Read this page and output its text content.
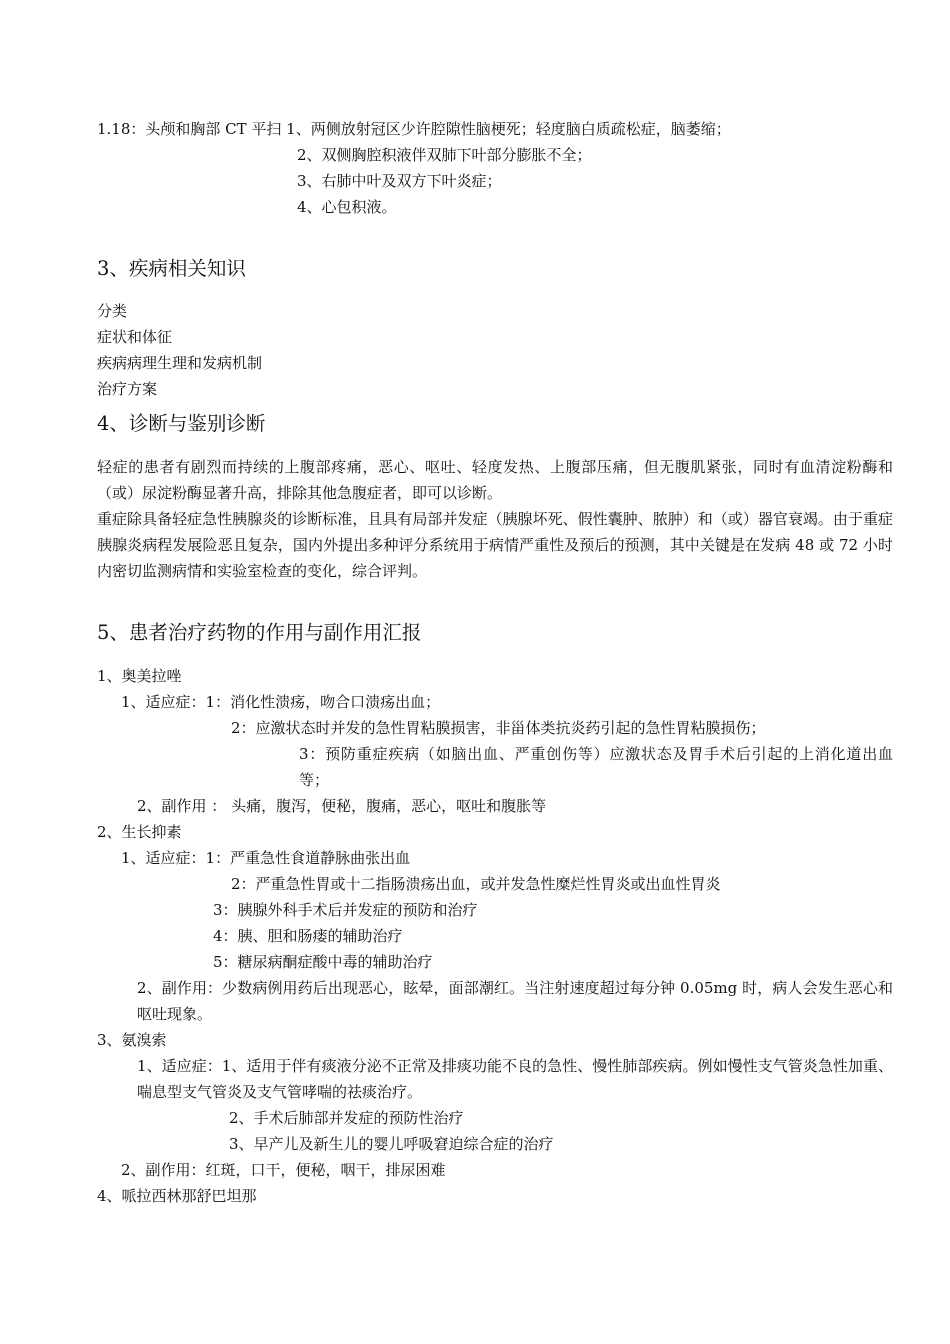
1.18：头颅和胸部 CT 平扫 1、两侧放射冠区少许腔隙性脑梗死；轻度脑白质疏松症，脑萎缩；
2、双侧胸腔积液伴双肺下叶部分膨胀不全；
3、右肺中叶及双方下叶炎症；
4、心包积液。
3、疾病相关知识
分类
症状和体征
疾病病理生理和发病机制
治疗方案
4、诊断与鉴别诊断
轻症的患者有剧烈而持续的上腹部疼痛，恶心、呕吐、轻度发热、上腹部压痛，但无腹肌紧张，同时有血清淀粉酶和（或）尿淀粉酶显著升高，排除其他急腹症者，即可以诊断。
重症除具备轻症急性胰腺炎的诊断标准，且具有局部并发症（胰腺坏死、假性囊肿、脓肿）和（或）器官衰竭。由于重症胰腺炎病程发展险恶且复杂，国内外提出多种评分系统用于病情严重性及预后的预测，其中关键是在发病 48 或 72 小时内密切监测病情和实验室检查的变化，综合评判。
5、患者治疗药物的作用与副作用汇报
1、奥美拉唑
1、适应症：1：消化性溃疡，吻合口溃疡出血；
2：应激状态时并发的急性胃粘膜损害，非甾体类抗炎药引起的急性胃粘膜损伤；
3：预防重症疾病（如脑出血、严重创伤等）应激状态及胃手术后引起的上消化道出血等；
2、副作用 ： 头痛，腹泻，便秘，腹痛，恶心，呕吐和腹胀等
2、生长抑素
1、适应症：1：严重急性食道静脉曲张出血
2：严重急性胃或十二指肠溃疡出血，或并发急性糜烂性胃炎或出血性胃炎
3：胰腺外科手术后并发症的预防和治疗
4：胰、胆和肠瘘的辅助治疗
5：糖尿病酮症酸中毒的辅助治疗
2、副作用：少数病例用药后出现恶心，眩晕，面部潮红。当注射速度超过每分钟 0.05mg 时，病人会发生恶心和呕吐现象。
3、氨溴索
1、适应症：1、适用于伴有痰液分泌不正常及排痰功能不良的急性、慢性肺部疾病。例如慢性支气管炎急性加重、喘息型支气管炎及支气管哮喘的祛痰治疗。
2、手术后肺部并发症的预防性治疗
3、早产儿及新生儿的婴儿呼吸窘迫综合症的治疗
2、副作用：红斑，口干，便秘，咽干，排尿困难
4、哌拉西林那舒巴坦那
